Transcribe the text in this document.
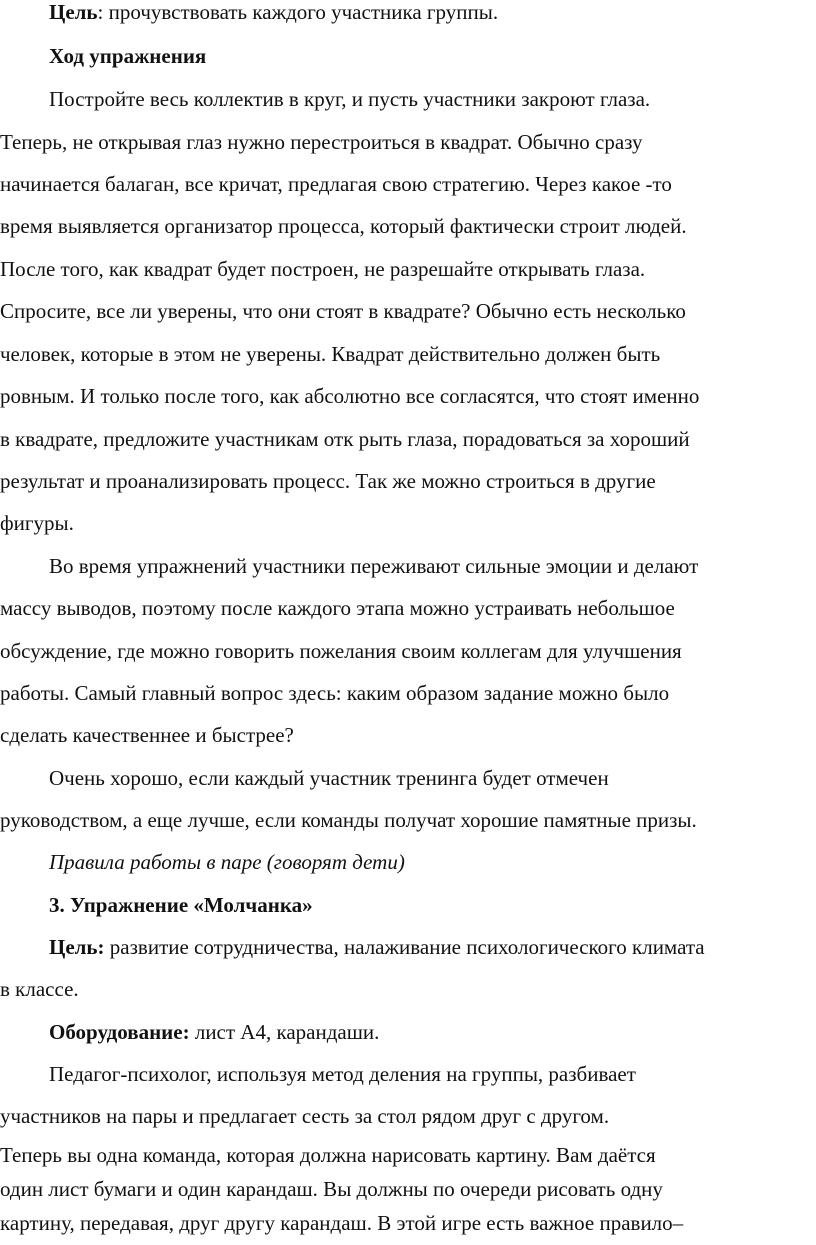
Цель: прочувствовать каждого участника группы.
Ход упражнения
Постройте весь коллектив в круг, и пусть участники закроют глаза.
Теперь, не открывая глаз нужно перестроиться в квадрат. Обычно сразу
начинается балаган, все кричат, предлагая свою стратегию. Через какое -то
время выявляется организатор процесса, который фактически строит людей.
После того, как квадрат будет построен, не разрешайте открывать глаза.
Спросите, все ли уверены, что они стоят в квадрате? Обычно есть несколько
человек, которые в этом не уверены. Квадрат действительно должен быть
ровным. И только после того, как абсолютно все согласятся, что стоят именно
в квадрате, предложите участникам отк рыть глаза, порадоваться за хороший
результат и проанализировать процесс. Так же можно строиться в другие
фигуры.
Во время упражнений участники переживают сильные эмоции и делают
массу выводов, поэтому после каждого этапа можно устраивать небольшое
обсуждение, где можно говорить пожелания своим коллегам для улучшения
работы. Самый главный вопрос здесь: каким образом задание можно было
сделать качественнее и быстрее?
Очень хорошо, если каждый участник тренинга будет отмечен
руководством, а еще лучше, если команды получат хорошие памятные призы.
Правила работы в паре (говорят дети)
3. Упражнение «Молчанка»
Цель: развитие сотрудничества, налаживание психологического климата
в классе.
Оборудование: лист А4, карандаши.
Педагог-психолог, используя метод деления на группы, разбивает
участников на пары и предлагает сесть за стол рядом друг с другом.
Теперь вы одна команда, которая должна нарисовать картину. Вам даётся
один лист бумаги и один карандаш. Вы должны по очереди рисовать одну
картину, передавая, друг другу карандаш. В этой игре есть важное правило–
